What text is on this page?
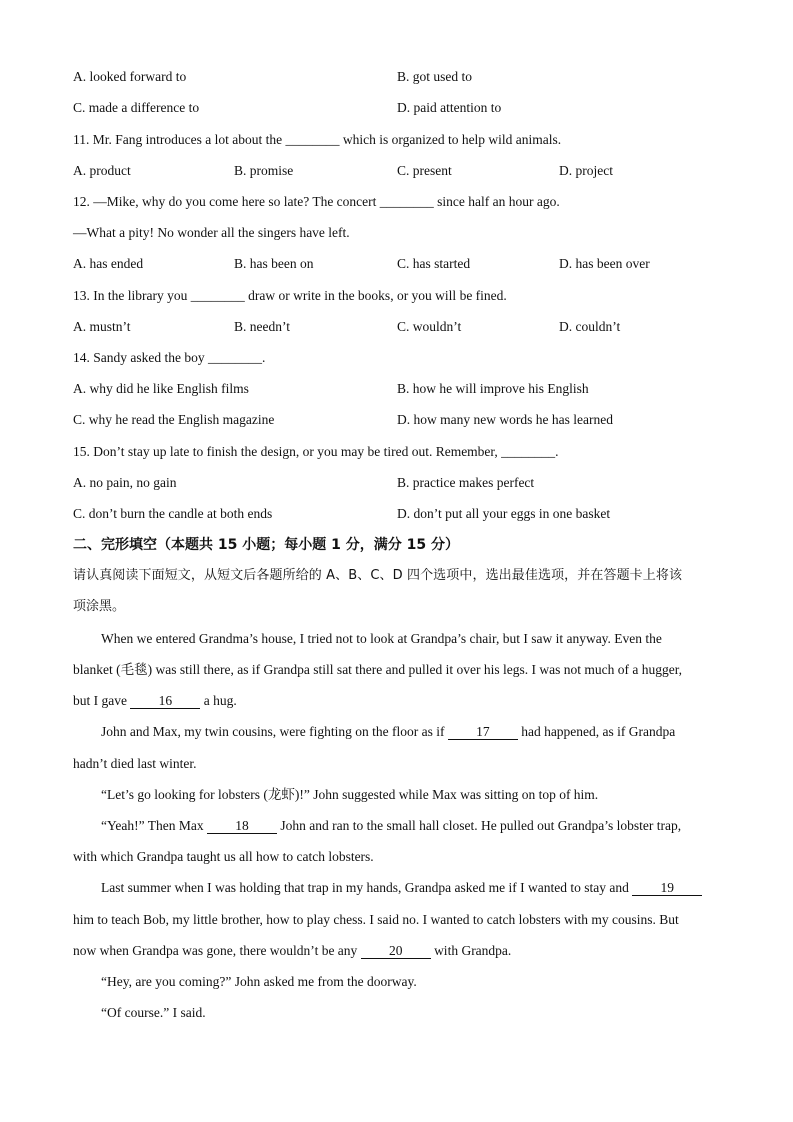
A. looked forward to	B. got used to
C. made a difference to	D. paid attention to
11. Mr. Fang introduces a lot about the ________ which is organized to help wild animals.
A. product	B. promise	C. present	D. project
12. —Mike, why do you come here so late? The concert ________ since half an hour ago.
—What a pity! No wonder all the singers have left.
A. has ended	B. has been on	C. has started	D. has been over
13. In the library you ________ draw or write in the books, or you will be fined.
A. mustn’t	B. needn’t	C. wouldn’t	D. couldn’t
14. Sandy asked the boy ________.
A. why did he like English films	B. how he will improve his English
C. why he read the English magazine	D. how many new words he has learned
15. Don’t stay up late to finish the design, or you may be tired out. Remember, ________.
A. no pain, no gain	B. practice makes perfect
C. don’t burn the candle at both ends	D. don’t put all your eggs in one basket
二、完形填空（本题共 15 小题；每小题 1 分，满分 15 分）
请认真阅读下面短文，从短文后各题所给的 A、B、C、D 四个选项中，选出最佳选项，并在答题卡上将该
项涂黑。
When we entered Grandma’s house, I tried not to look at Grandpa’s chair, but I saw it anyway. Even the
blanket (毛毯) was still there, as if Grandpa still sat there and pulled it over his legs. I was not much of a hugger,
but I gave 16 a hug.
John and Max, my twin cousins, were fighting on the floor as if 17 had happened, as if Grandpa
hadn’t died last winter.
“Let’s go looking for lobsters (龙虾)!” John suggested while Max was sitting on top of him.
“Yeah!” Then Max 18 John and ran to the small hall closet. He pulled out Grandpa’s lobster trap,
with which Grandpa taught us all how to catch lobsters.
Last summer when I was holding that trap in my hands, Grandpa asked me if I wanted to stay and 19
him to teach Bob, my little brother, how to play chess. I said no. I wanted to catch lobsters with my cousins. But
now when Grandpa was gone, there wouldn’t be any 20 with Grandpa.
“Hey, are you coming?” John asked me from the doorway.
“Of course.” I said.
